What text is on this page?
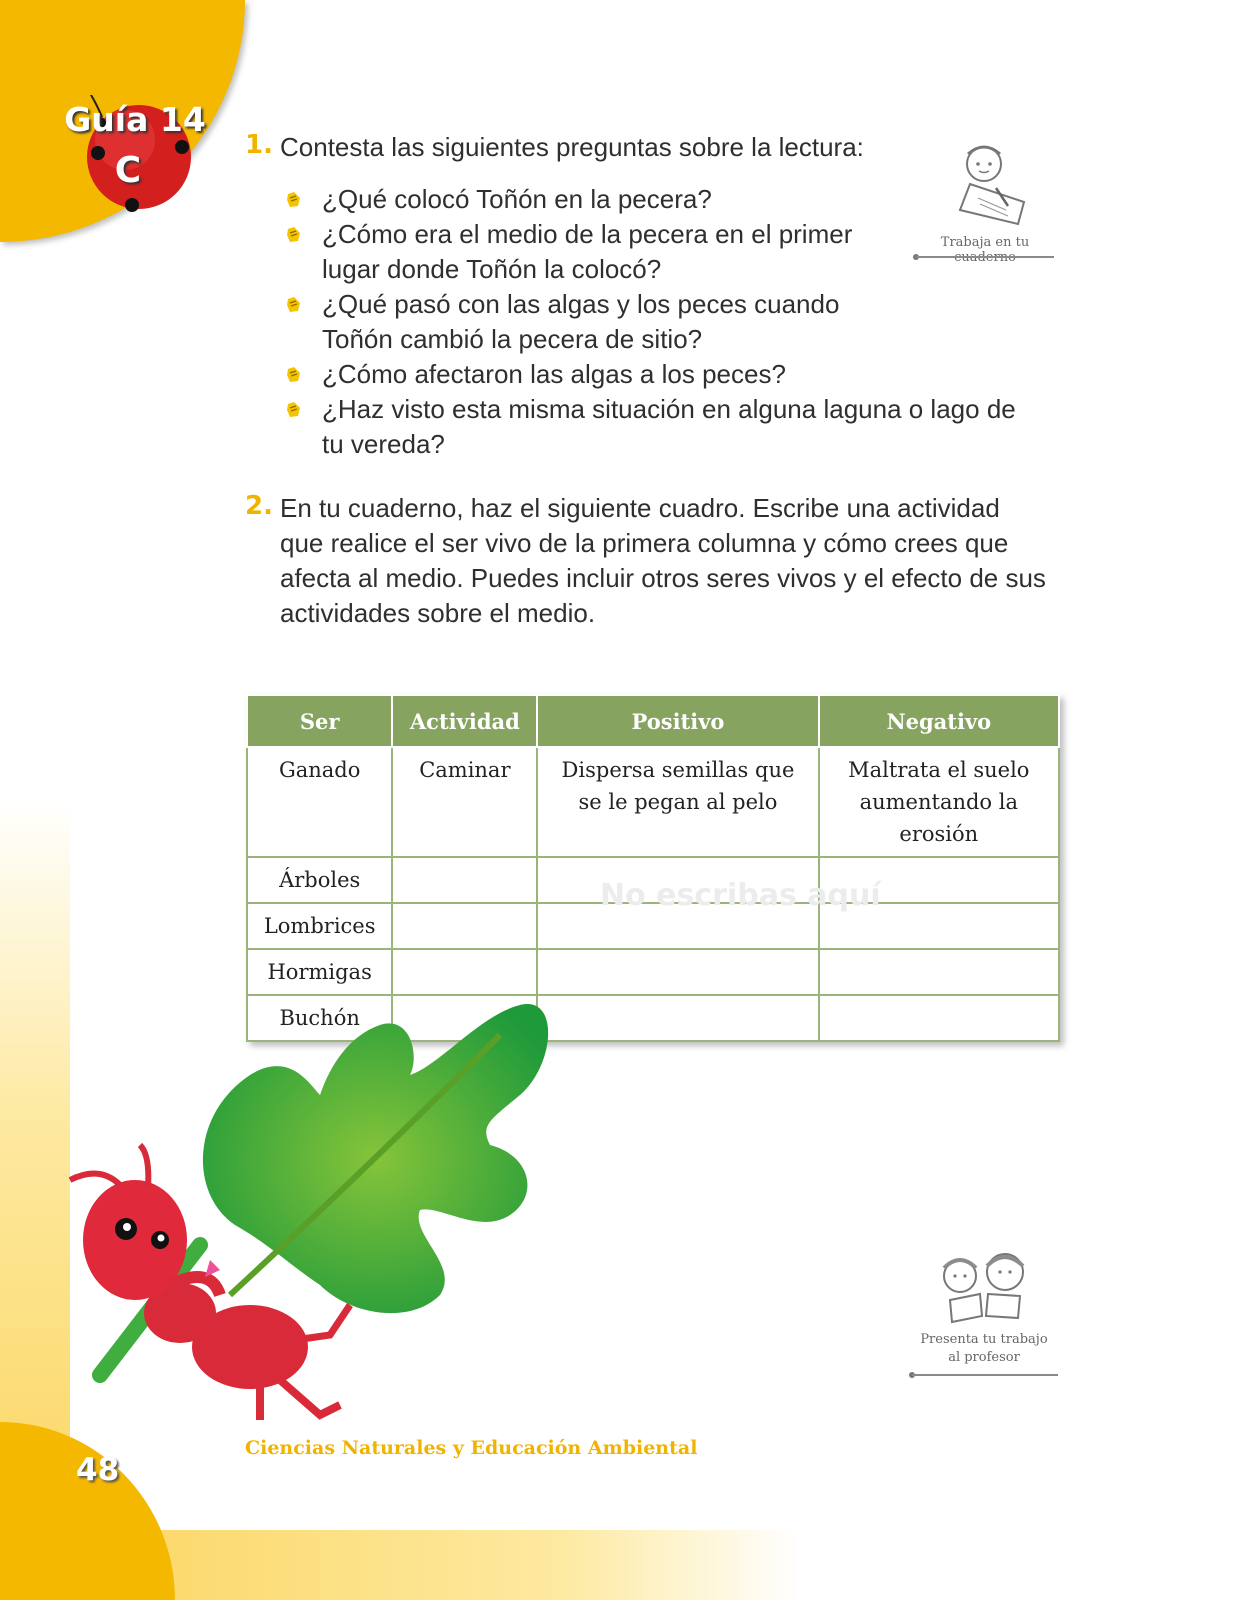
Guía 14
C
1. Contesta las siguientes preguntas sobre la lectura:
¿Qué colocó Toñón en la pecera?
¿Cómo era el medio de la pecera en el primer lugar donde Toñón la colocó?
¿Qué pasó con las algas y los peces cuando Toñón cambió la pecera de sitio?
¿Cómo afectaron las algas a los peces?
¿Haz visto esta misma situación en alguna laguna o lago de tu vereda?
Trabaja en tu
2. En tu cuaderno, haz el siguiente cuadro. Escribe una actividad que realice el ser vivo de la primera columna y cómo crees que afecta al medio. Puedes incluir otros seres vivos y el efecto de sus actividades sobre el medio.
Ser	Actividad	Positivo	Negativo
Ganado	Caminar	Dispersa semillas que se le pegan al pelo	Maltrata el suelo aumentando la erosión
Árboles			
Lombrices			
Hormigas			
Buchón			
No escribas aquí
Presenta tu trabajo
al profesor
Ciencias Naturales y Educación Ambiental
48
